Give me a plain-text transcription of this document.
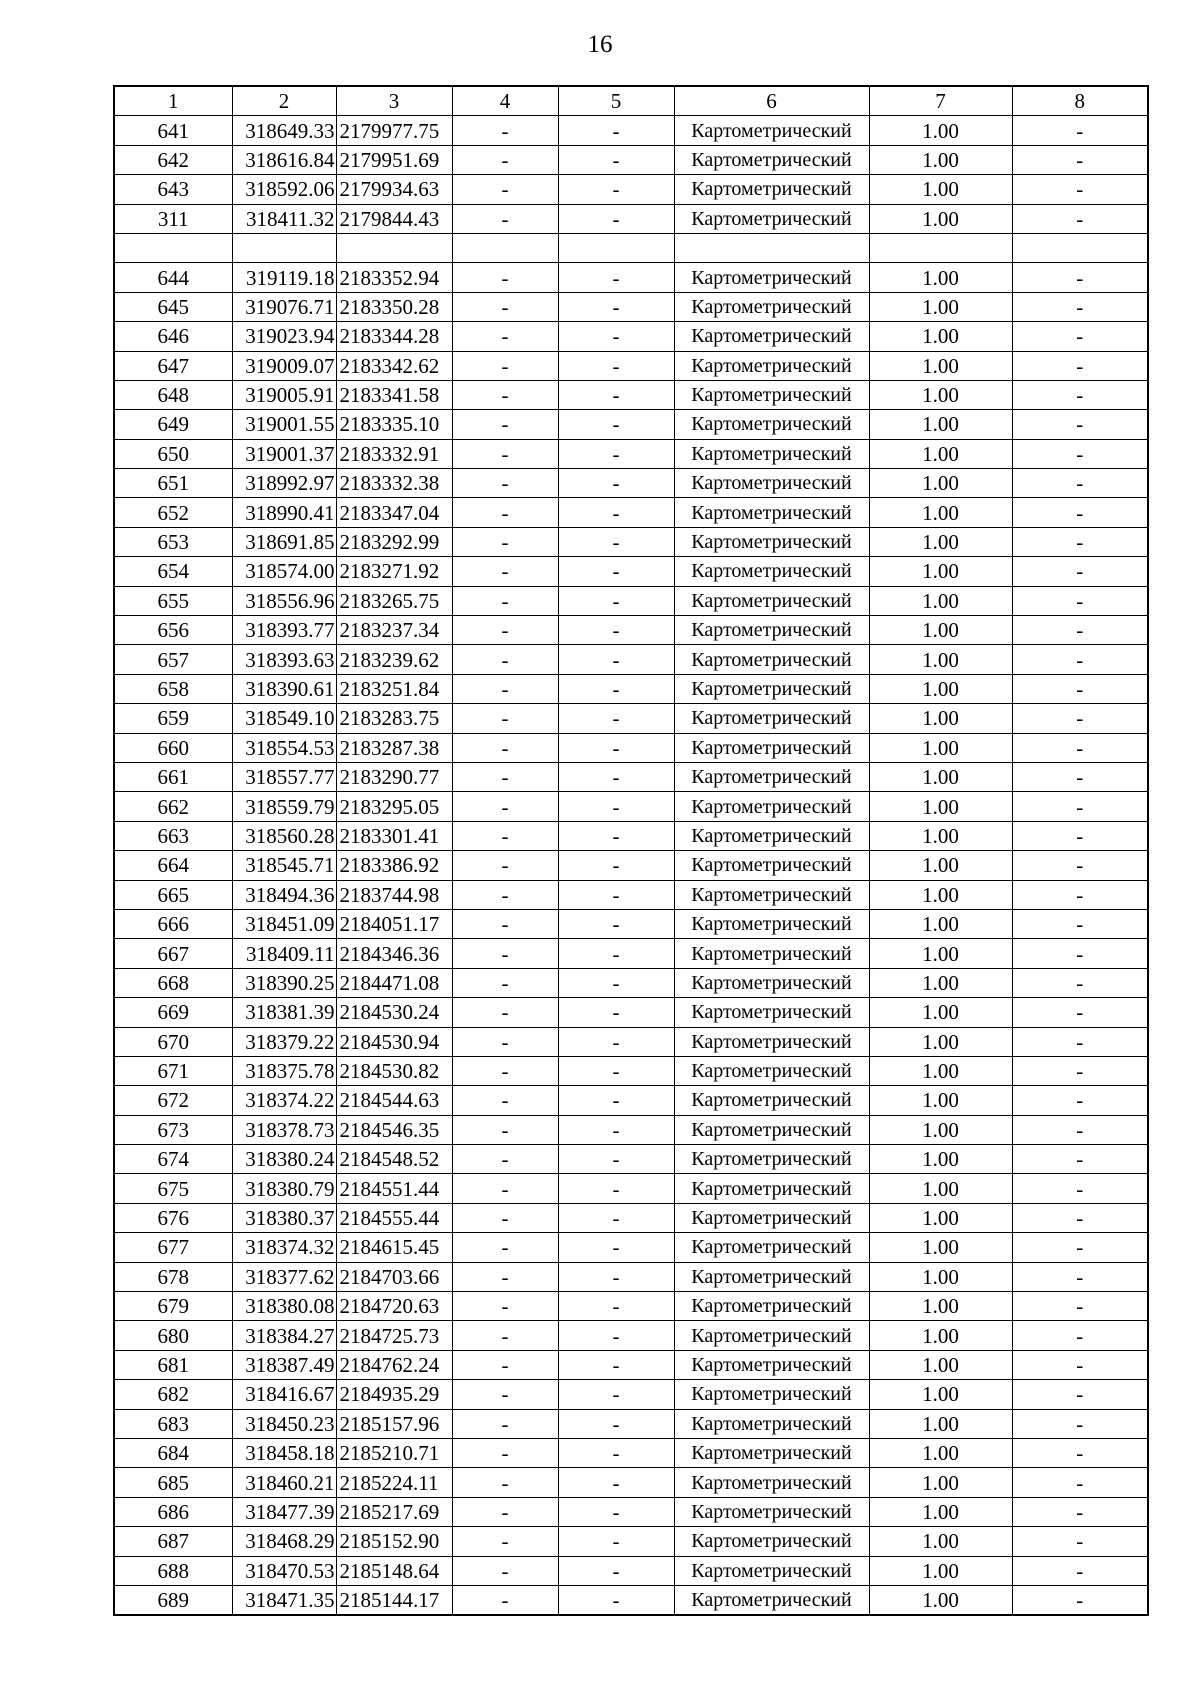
16
1	2	3	4	5	6	7	8
641	318649.33	2179977.75	-	-	Картометрический	1.00	-
642	318616.84	2179951.69	-	-	Картометрический	1.00	-
643	318592.06	2179934.63	-	-	Картометрический	1.00	-
311	318411.32	2179844.43	-	-	Картометрический	1.00	-

644	319119.18	2183352.94	-	-	Картометрический	1.00	-
645	319076.71	2183350.28	-	-	Картометрический	1.00	-
646	319023.94	2183344.28	-	-	Картометрический	1.00	-
647	319009.07	2183342.62	-	-	Картометрический	1.00	-
648	319005.91	2183341.58	-	-	Картометрический	1.00	-
649	319001.55	2183335.10	-	-	Картометрический	1.00	-
650	319001.37	2183332.91	-	-	Картометрический	1.00	-
651	318992.97	2183332.38	-	-	Картометрический	1.00	-
652	318990.41	2183347.04	-	-	Картометрический	1.00	-
653	318691.85	2183292.99	-	-	Картометрический	1.00	-
654	318574.00	2183271.92	-	-	Картометрический	1.00	-
655	318556.96	2183265.75	-	-	Картометрический	1.00	-
656	318393.77	2183237.34	-	-	Картометрический	1.00	-
657	318393.63	2183239.62	-	-	Картометрический	1.00	-
658	318390.61	2183251.84	-	-	Картометрический	1.00	-
659	318549.10	2183283.75	-	-	Картометрический	1.00	-
660	318554.53	2183287.38	-	-	Картометрический	1.00	-
661	318557.77	2183290.77	-	-	Картометрический	1.00	-
662	318559.79	2183295.05	-	-	Картометрический	1.00	-
663	318560.28	2183301.41	-	-	Картометрический	1.00	-
664	318545.71	2183386.92	-	-	Картометрический	1.00	-
665	318494.36	2183744.98	-	-	Картометрический	1.00	-
666	318451.09	2184051.17	-	-	Картометрический	1.00	-
667	318409.11	2184346.36	-	-	Картометрический	1.00	-
668	318390.25	2184471.08	-	-	Картометрический	1.00	-
669	318381.39	2184530.24	-	-	Картометрический	1.00	-
670	318379.22	2184530.94	-	-	Картометрический	1.00	-
671	318375.78	2184530.82	-	-	Картометрический	1.00	-
672	318374.22	2184544.63	-	-	Картометрический	1.00	-
673	318378.73	2184546.35	-	-	Картометрический	1.00	-
674	318380.24	2184548.52	-	-	Картометрический	1.00	-
675	318380.79	2184551.44	-	-	Картометрический	1.00	-
676	318380.37	2184555.44	-	-	Картометрический	1.00	-
677	318374.32	2184615.45	-	-	Картометрический	1.00	-
678	318377.62	2184703.66	-	-	Картометрический	1.00	-
679	318380.08	2184720.63	-	-	Картометрический	1.00	-
680	318384.27	2184725.73	-	-	Картометрический	1.00	-
681	318387.49	2184762.24	-	-	Картометрический	1.00	-
682	318416.67	2184935.29	-	-	Картометрический	1.00	-
683	318450.23	2185157.96	-	-	Картометрический	1.00	-
684	318458.18	2185210.71	-	-	Картометрический	1.00	-
685	318460.21	2185224.11	-	-	Картометрический	1.00	-
686	318477.39	2185217.69	-	-	Картометрический	1.00	-
687	318468.29	2185152.90	-	-	Картометрический	1.00	-
688	318470.53	2185148.64	-	-	Картометрический	1.00	-
689	318471.35	2185144.17	-	-	Картометрический	1.00	-
